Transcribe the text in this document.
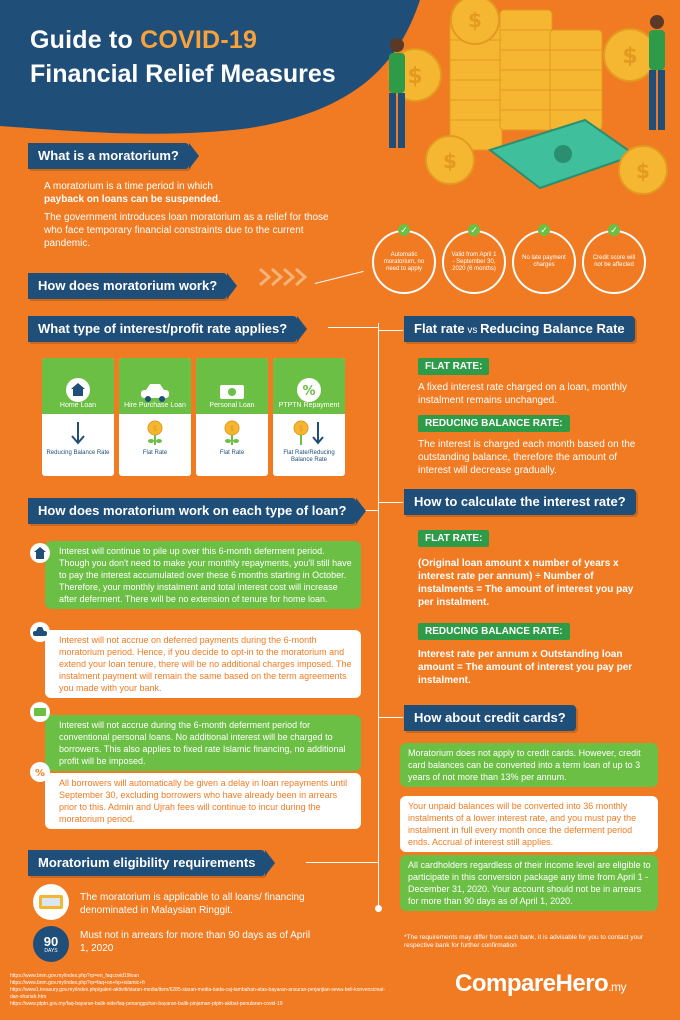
Guide to COVID-19
Financial Relief Measures
$
$
$
$	$
What is a moratorium?
A moratorium is a time period in which
payback on loans can be suspended.
The government introduces loan moratorium as a relief for those who face temporary financial constraints due to the current pandemic.
How does moratorium work?
Automatic moratorium, no need to apply
✓
Valid from April 1 - September 30, 2020 (6 months)
✓
No late payment charges
✓
Credit score will not be affected
✓
What type of interest/profit rate applies?
Home Loan
Reducing Balance Rate
Hire Purchase Loan
$
Flat Rate
Personal Loan
$
Flat Rate
%
PTPTN Repayment
$
Flat Rate/Reducing Balance Rate
Flat rate vs Reducing Balance Rate
FLAT RATE:
A fixed interest rate charged on a loan, monthly instalment remains unchanged.
REDUCING BALANCE RATE:
The interest is charged each month based on the outstanding balance, therefore the amount of interest will decrease gradually.
How does moratorium work on each type of loan?
Interest will continue to pile up over this 6-month deferment period. Though you don't need to make your monthly repayments, you'll still have to pay the interest accumulated over these 6 months starting in October. Therefore, your monthly instalment and total interest cost will increase after deferment. There will be no extension of tenure for home loan.
Interest will not accrue on deferred payments during the 6-month moratorium period. Hence, if you decide to opt-in to the moratorium and extend your loan tenure, there will be no additional charges imposed. The instalment payment will remain the same based on the term agreements you made with your bank.
Interest will not accrue during the 6-month deferment period for conventional personal loans. No additional interest will be charged to borrowers. This also applies to fixed rate Islamic financing, no additional profit will be imposed.
All borrowers will automatically be given a delay in loan repayments until September 30, excluding borrowers who have already been in arrears prior to this. Admin and Ujrah fees will continue to incur during the moratorium period.
%
Moratorium eligibility requirements
The moratorium is applicable to all loans/ financing denominated in Malaysian Ringgit.
90
DAYS
Must not in arrears for more than 90 days as of April 1, 2020
How to calculate the interest rate?
FLAT RATE:
(Original loan amount x number of years x interest rate per annum) ÷ Number of instalments = The amount of interest you pay per instalment.
REDUCING BALANCE RATE:
Interest rate per annum x Outstanding loan amount = The amount of interest you pay per instalment.
How about credit cards?
Moratorium does not apply to credit cards. However, credit card balances can be converted into a term loan of up to 3 years of not more than 13% per annum.
Your unpaid balances will be converted into 36 monthly instalments of a lower interest rate, and you must pay the instalment in full every month once the deferment period ends. Accrual of interest still applies.
All cardholders regardless of their income level are eligible to participate in this conversion package any time from April 1 - December 31, 2020. Your account should not be in arrears for more than 90 days as of April 1, 2020.
*The requirements may differ from each bank, it is advisable for you to contact your respective bank for further confirmation
https://www.bnm.gov.my/index.php?rp=en_faqcovid19loan
https://www.bnm.gov.my/index.php?rp=faq+on+hp+islamic+fr
https://www1.treasury.gov.my/index.php/galeri-aktiviti/siaran-media/item/6285-siaran-media-tiada-caj-tambahan-atas-bayaran-ansuran-perjanjian-sewa-beli-konvensional-dan-shariah.htm
https://www.ptptn.gov.my/faq-bayaran-balik-side/faq-penangguhan-bayaran-balik-pinjaman-ptptn-akibat-penularan-covid-19
CompareHero.my
